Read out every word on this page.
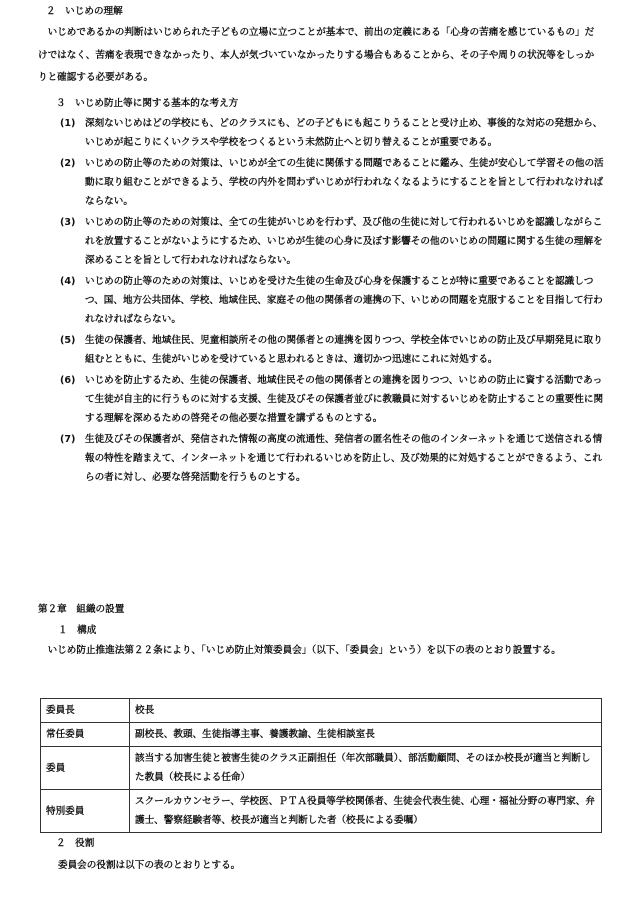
２　いじめの理解

いじめであるかの判断はいじめられた子どもの立場に立つことが基本で、前出の定義にある「心身の苦痛を感じているもの」だけではなく、苦痛を表現できなかったり、本人が気づいていなかったりする場合もあることから、その子や周りの状況等をしっかりと確認する必要がある。

３　いじめ防止等に関する基本的な考え方
(1) 深刻ないじめはどの学校にも、どのクラスにも、どの子どもにも起こりうることと受け止め、事後的な対応の発想から、いじめが起こりにくいクラスや学校をつくるという未然防止へと切り替えることが重要である。
(2) いじめの防止等のための対策は、いじめが全ての生徒に関係する問題であることに鑑み、生徒が安心して学習その他の活動に取り組むことができるよう、学校の内外を問わずいじめが行われなくなるようにすることを旨として行われなければならない。
(3) いじめの防止等のための対策は、全ての生徒がいじめを行わず、及び他の生徒に対して行われるいじめを認識しながらこれを放置することがないようにするため、いじめが生徒の心身に及ぼす影響その他のいじめの問題に関する生徒の理解を深めることを旨として行われなければならない。
(4) いじめの防止等のための対策は、いじめを受けた生徒の生命及び心身を保護することが特に重要であることを認識しつつ、国、地方公共団体、学校、地域住民、家庭その他の関係者の連携の下、いじめの問題を克服することを目指して行われなければならない。
(5) 生徒の保護者、地域住民、児童相談所その他の関係者との連携を図りつつ、学校全体でいじめの防止及び早期発見に取り組むとともに、生徒がいじめを受けていると思われるときは、適切かつ迅速にこれに対処する。
(6) いじめを防止するため、生徒の保護者、地域住民その他の関係者との連携を図りつつ、いじめの防止に資する活動であって生徒が自主的に行うものに対する支援、生徒及びその保護者並びに教職員に対するいじめを防止することの重要性に関する理解を深めるための啓発その他必要な措置を講ずるものとする。
(7) 生徒及びその保護者が、発信された情報の高度の流通性、発信者の匿名性その他のインターネットを通じて送信される情報の特性を踏まえて、インターネットを通じて行われるいじめを防止し、及び効果的に対処することができるよう、これらの者に対し、必要な啓発活動を行うものとする。
第２章　組織の設置
１　構成

いじめ防止推進法第２２条により、「いじめ防止対策委員会」（以下、「委員会」という）を以下の表のとおり設置する。

委員長	校長
常任委員	副校長、教頭、生徒指導主事、養護教諭、生徒相談室長
委員	該当する加害生徒と被害生徒のクラス正副担任（年次部職員）、部活動顧問、そのほか校長が適当と判断した教員（校長による任命）
特別委員	スクールカウンセラー、学校医、ＰＴＡ役員等学校関係者、生徒会代表生徒、心理・福祉分野の専門家、弁護士、警察経験者等、校長が適当と判断した者（校長による委嘱）
２　役割
委員会の役割は以下の表のとおりとする。
